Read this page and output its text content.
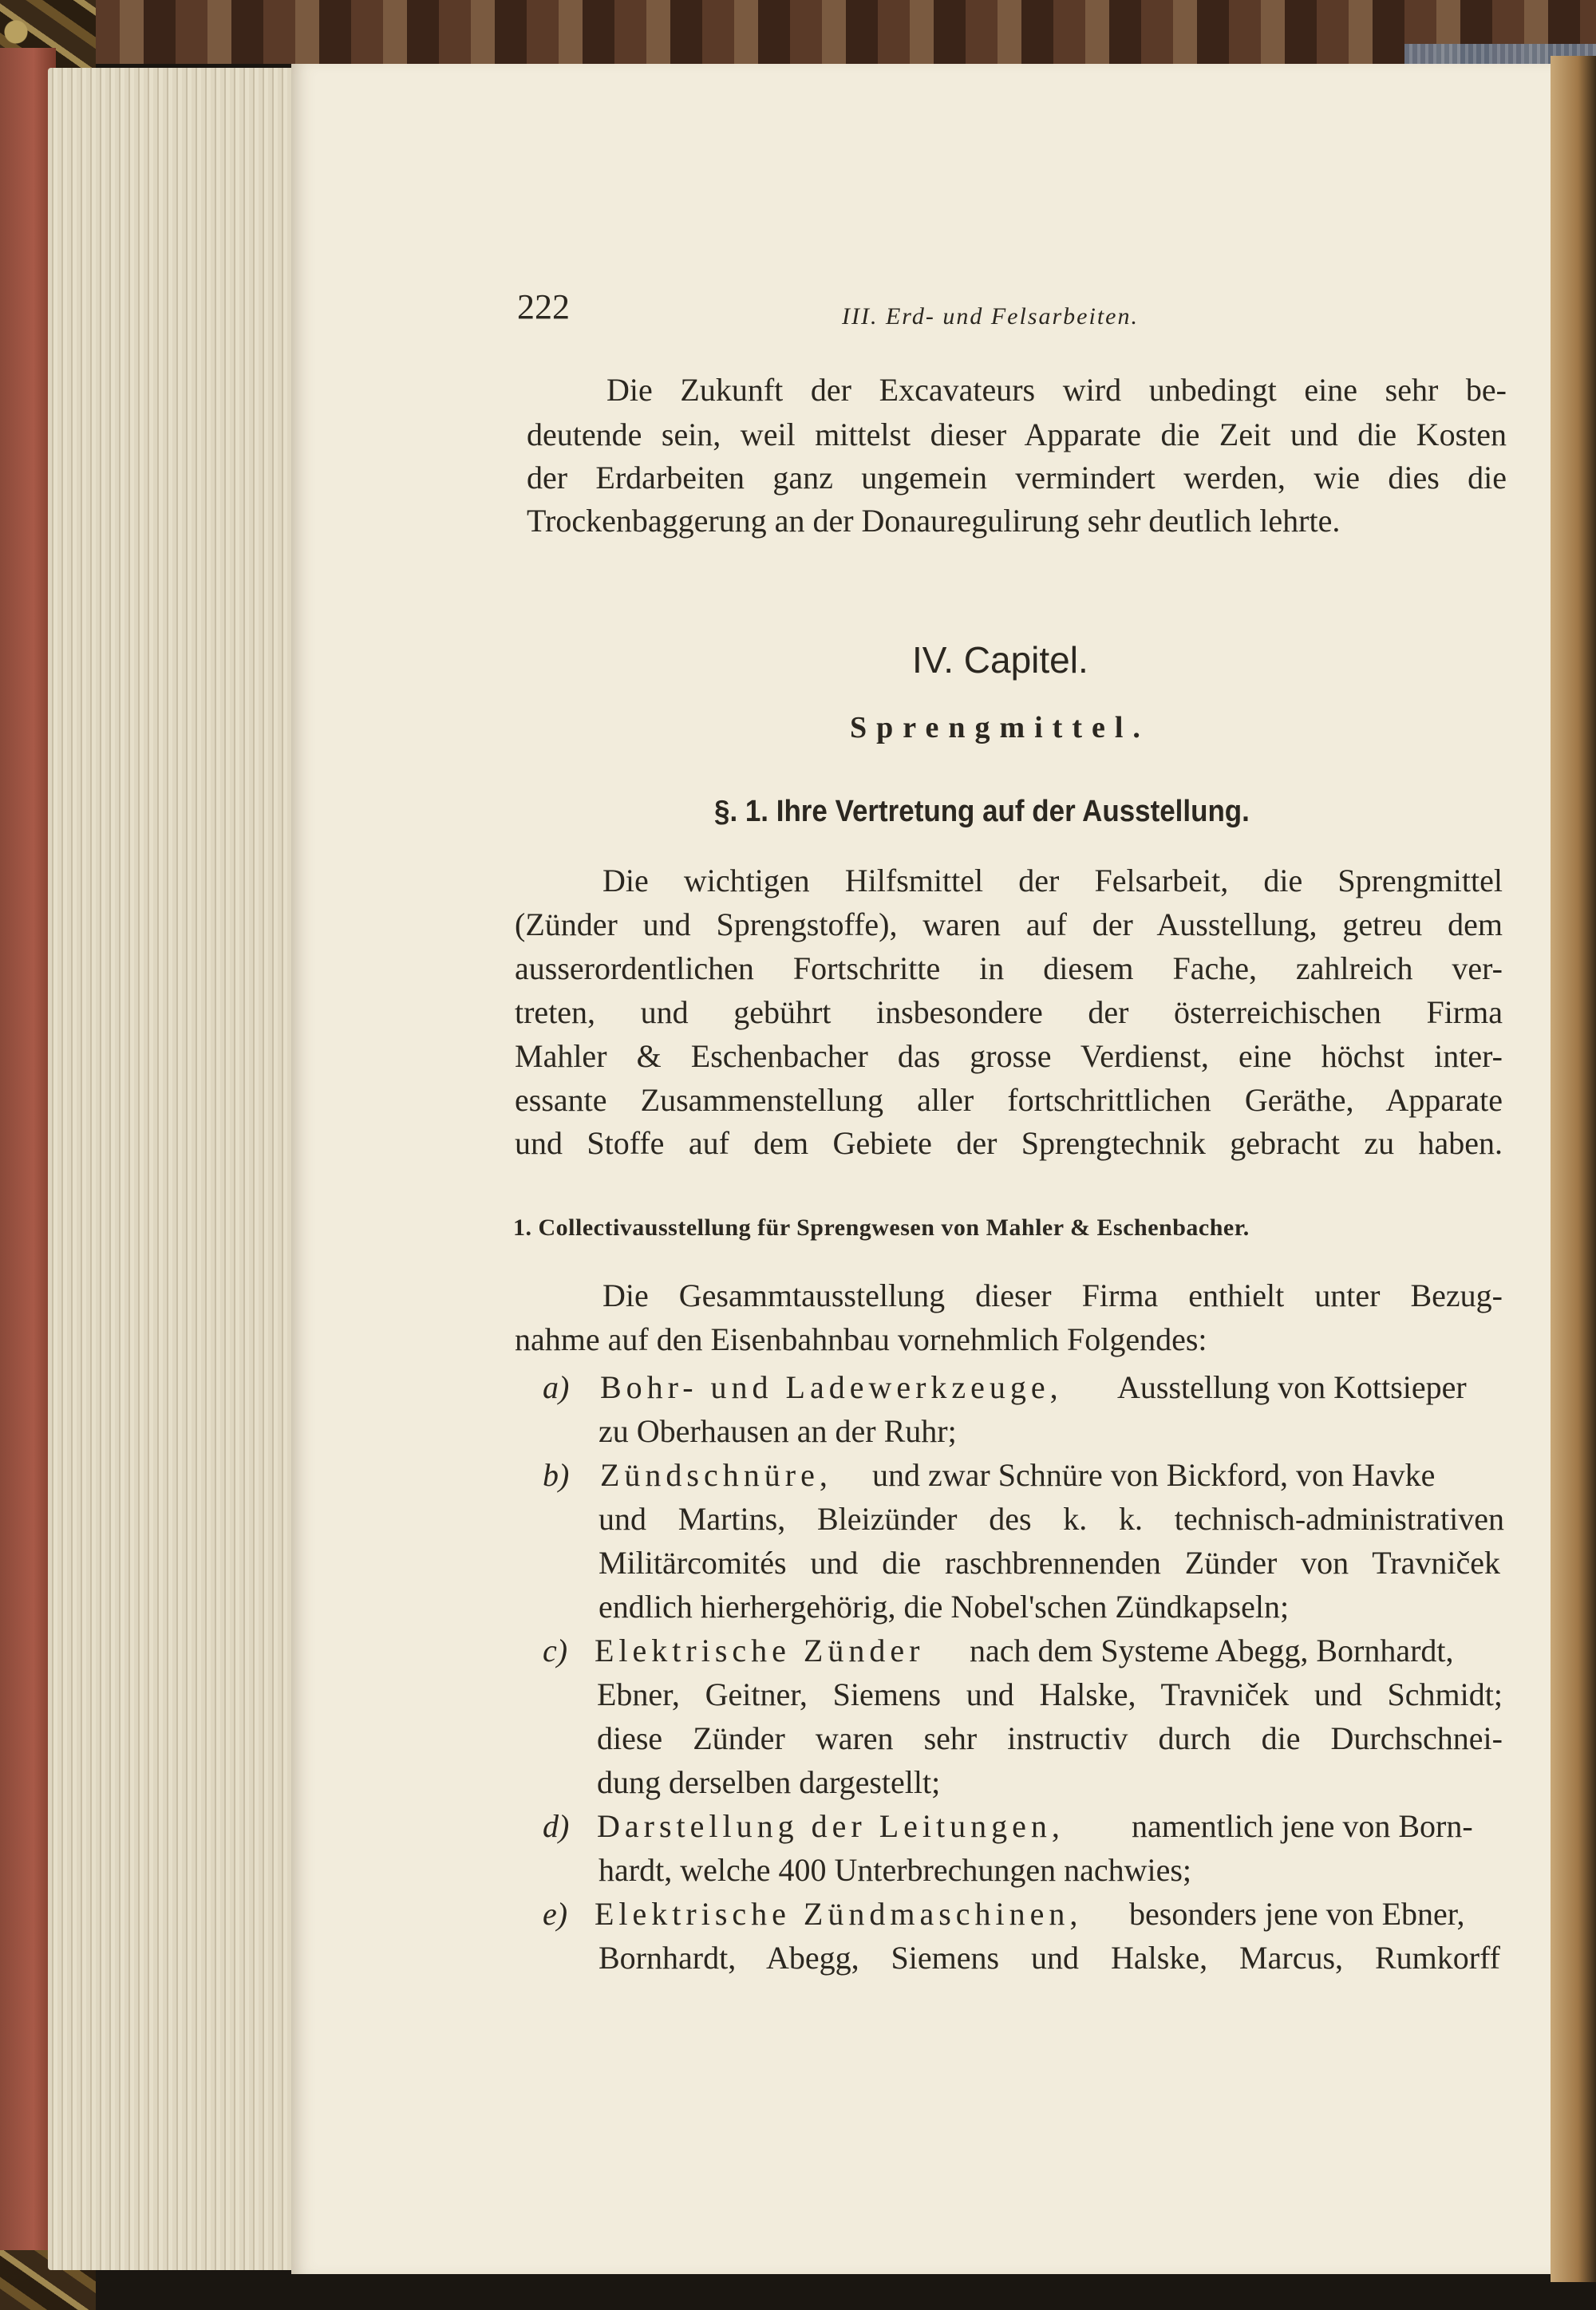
222	III. Erd- und Felsarbeiten.

Die Zukunft der Excavateurs wird unbedingt eine sehr be-

deutende sein, weil mittelst dieser Apparate die Zeit und die Kosten

der Erdarbeiten ganz ungemein vermindert werden, wie dies die

Trockenbaggerung an der Donauregulirung sehr deutlich lehrte.

IV. Capitel.

Sprengmittel.

§. 1. Ihre Vertretung auf der Ausstellung.

Die wichtigen Hilfsmittel der Felsarbeit, die Sprengmittel

(Zünder und Sprengstoffe), waren auf der Ausstellung, getreu dem

ausserordentlichen Fortschritte in diesem Fache, zahlreich ver-

treten, und gebührt insbesondere der österreichischen Firma

Mahler & Eschenbacher das grosse Verdienst, eine höchst inter-

essante Zusammenstellung aller fortschrittlichen Geräthe, Apparate

und Stoffe auf dem Gebiete der Sprengtechnik gebracht zu haben.

1. Collectivausstellung für Sprengwesen von Mahler & Eschenbacher.

Die Gesammtausstellung dieser Firma enthielt unter Bezug-

nahme auf den Eisenbahnbau vornehmlich Folgendes:

a) Bohr- und Ladewerkzeuge, Ausstellung von Kottsieper
zu Oberhausen an der Ruhr;
b) Zündschnüre, und zwar Schnüre von Bickford, von Havke
und Martins, Bleizünder des k. k. technisch-administrativen
Militärcomités und die raschbrennenden Zünder von Travniček
endlich hierhergehörig, die Nobel'schen Zündkapseln;
c) Elektrische Zünder nach dem Systeme Abegg, Bornhardt,
Ebner, Geitner, Siemens und Halske, Travniček und Schmidt;
diese Zünder waren sehr instructiv durch die Durchschnei-
dung derselben dargestellt;
d) Darstellung der Leitungen, namentlich jene von Born-
hardt, welche 400 Unterbrechungen nachwies;
e) Elektrische Zündmaschinen, besonders jene von Ebner,
Bornhardt, Abegg, Siemens und Halske, Marcus, Rumkorff
